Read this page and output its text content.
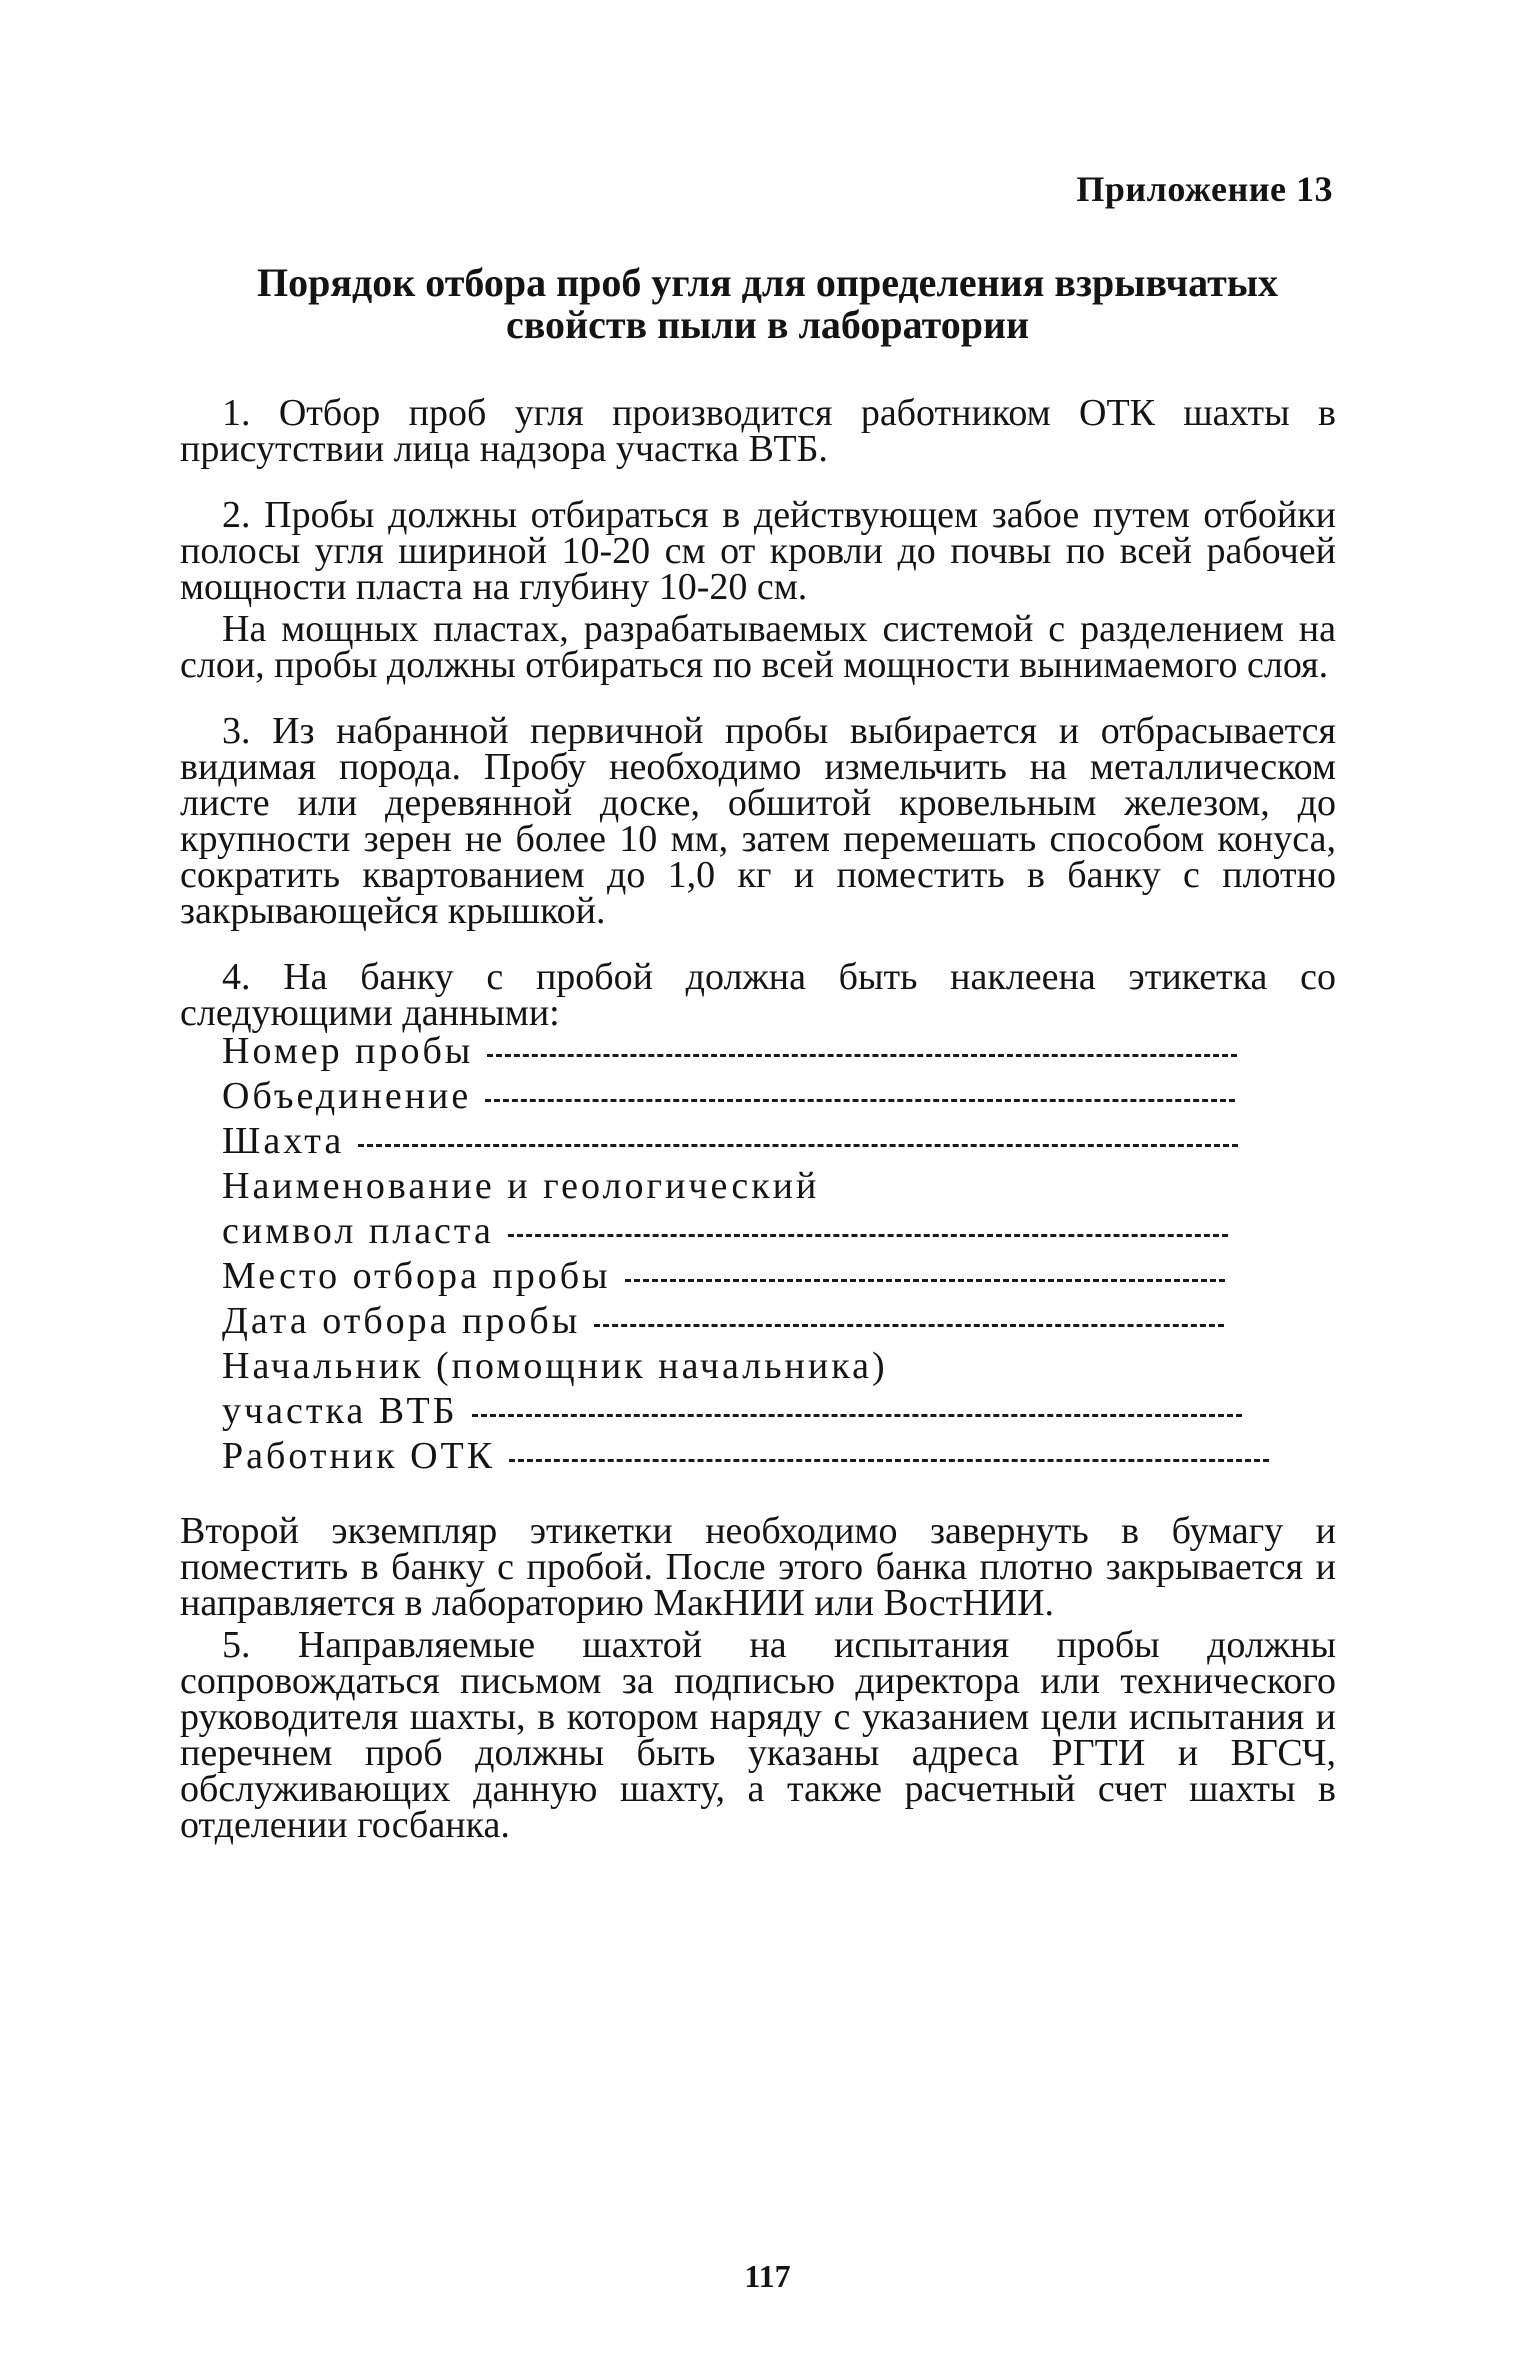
Приложение 13
Порядок отбора проб угля для определения взрывчатых
свойств пыли в лаборатории

1. Отбор проб угля производится работником ОТК шахты в присутствии лица надзора участка ВТБ.

2. Пробы должны отбираться в действующем забое путем отбойки полосы угля шириной 10-20 см от кровли до почвы по всей рабочей мощности пласта на глубину 10-20 см.

На мощных пластах, разрабатываемых системой с разделением на слои, пробы должны отбираться по всей мощности вынимаемого слоя.

3. Из набранной первичной пробы выбирается и отбрасывается видимая порода. Пробу необходимо измельчить на металлическом листе или деревянной доске, обшитой кровельным железом, до крупности зерен не более 10 мм, затем перемешать способом конуса, сократить квартованием до 1,0 кг и поместить в банку с плотно закрывающейся крышкой.

4. На банку с пробой должна быть наклеена этикетка со следующими данными:

Номер пробы
Объединение
Шахта
Наименование и геологический
символ пласта
Место отбора пробы
Дата отбора пробы
Начальник (помощник начальника)
участка ВТБ
Работник ОТК

Второй экземпляр этикетки необходимо завернуть в бумагу и поместить в банку с пробой. После этого банка плотно закрывается и направляется в лабораторию МакНИИ или ВостНИИ.

5. Направляемые шахтой на испытания пробы должны сопровождаться письмом за подписью директора или технического руководителя шахты, в котором наряду с указанием цели испытания и перечнем проб должны быть указаны адреса РГТИ и ВГСЧ, обслуживающих данную шахту, а также расчетный счет шахты в отделении госбанка.

117
